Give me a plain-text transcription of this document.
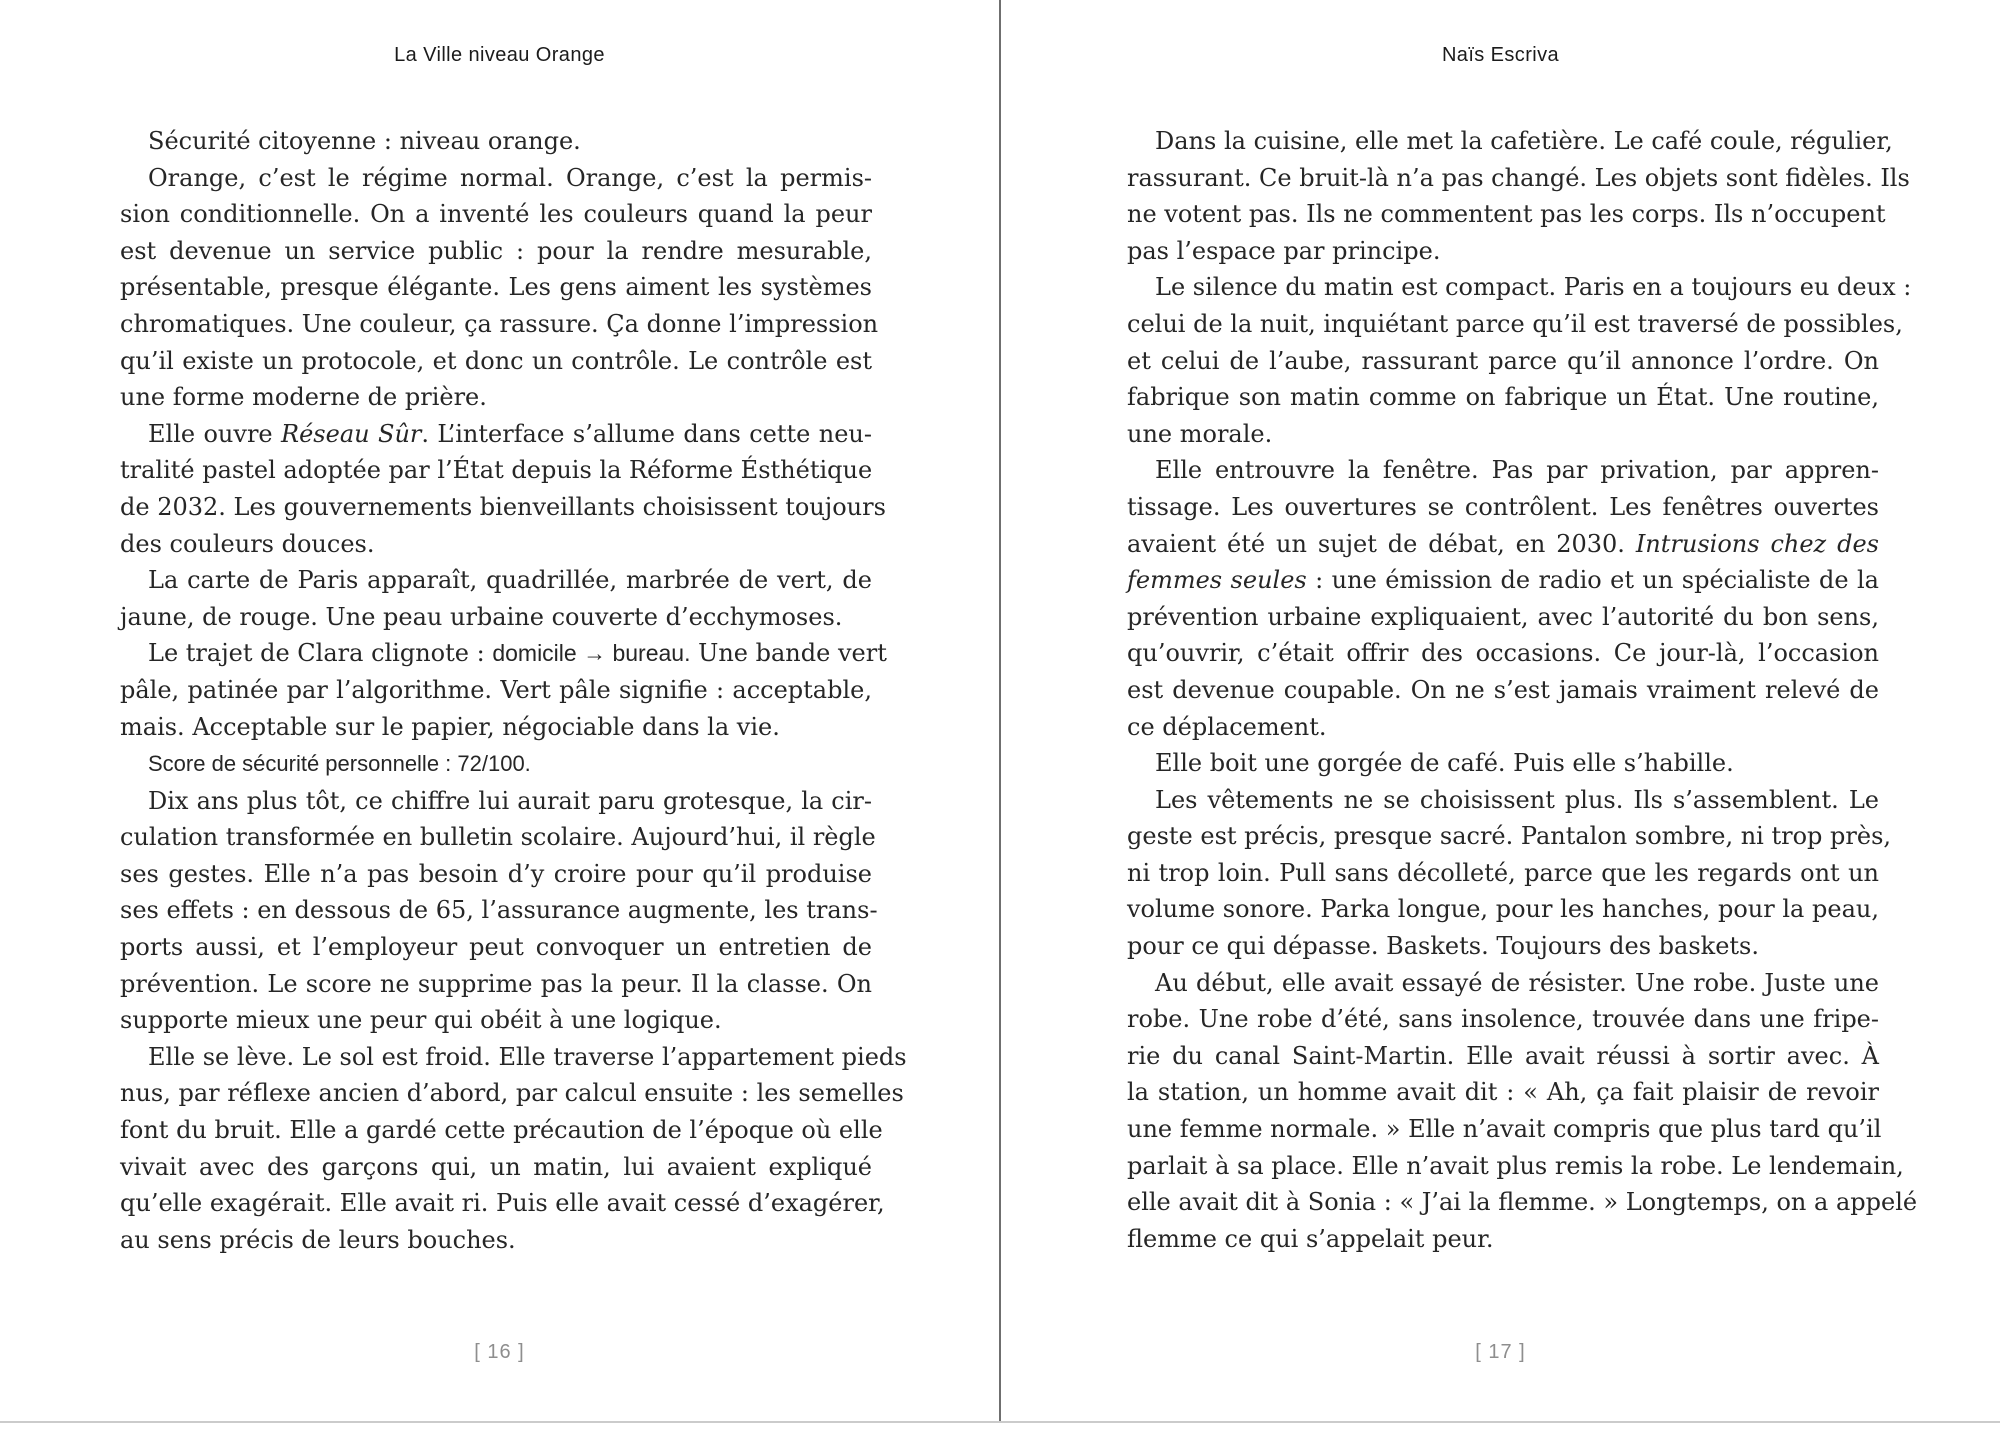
La Ville niveau Orange
Sécurité citoyenne : niveau orange.
Orange, c’est le régime normal. Orange, c’est la permis-
sion conditionnelle. On a inventé les couleurs quand la peur
est devenue un service public : pour la rendre mesurable,
présentable, presque élégante. Les gens aiment les systèmes
chromatiques. Une couleur, ça rassure. Ça donne l’impression
qu’il existe un protocole, et donc un contrôle. Le contrôle est
une forme moderne de prière.
Elle ouvre Réseau Sûr. L’interface s’allume dans cette neu-
tralité pastel adoptée par l’État depuis la Réforme Ésthétique
de 2032. Les gouvernements bienveillants choisissent toujours
des couleurs douces.
La carte de Paris apparaît, quadrillée, marbrée de vert, de
jaune, de rouge. Une peau urbaine couverte d’ecchymoses.
Le trajet de Clara clignote : domicile → bureau. Une bande vert
pâle, patinée par l’algorithme. Vert pâle signifie : acceptable,
mais. Acceptable sur le papier, négociable dans la vie.
Score de sécurité personnelle : 72/100.
Dix ans plus tôt, ce chiffre lui aurait paru grotesque, la cir-
culation transformée en bulletin scolaire. Aujourd’hui, il règle
ses gestes. Elle n’a pas besoin d’y croire pour qu’il produise
ses effets : en dessous de 65, l’assurance augmente, les trans-
ports aussi, et l’employeur peut convoquer un entretien de
prévention. Le score ne supprime pas la peur. Il la classe. On
supporte mieux une peur qui obéit à une logique.
Elle se lève. Le sol est froid. Elle traverse l’appartement pieds
nus, par réflexe ancien d’abord, par calcul ensuite : les semelles
font du bruit. Elle a gardé cette précaution de l’époque où elle
vivait avec des garçons qui, un matin, lui avaient expliqué
qu’elle exagérait. Elle avait ri. Puis elle avait cessé d’exagérer,
au sens précis de leurs bouches.
[ 16 ]
Naïs Escriva
Dans la cuisine, elle met la cafetière. Le café coule, régulier,
rassurant. Ce bruit-là n’a pas changé. Les objets sont fidèles. Ils
ne votent pas. Ils ne commentent pas les corps. Ils n’occupent
pas l’espace par principe.
Le silence du matin est compact. Paris en a toujours eu deux :
celui de la nuit, inquiétant parce qu’il est traversé de possibles,
et celui de l’aube, rassurant parce qu’il annonce l’ordre. On
fabrique son matin comme on fabrique un État. Une routine,
une morale.
Elle entrouvre la fenêtre. Pas par privation, par appren-
tissage. Les ouvertures se contrôlent. Les fenêtres ouvertes
avaient été un sujet de débat, en 2030. Intrusions chez des
femmes seules : une émission de radio et un spécialiste de la
prévention urbaine expliquaient, avec l’autorité du bon sens,
qu’ouvrir, c’était offrir des occasions. Ce jour-là, l’occasion
est devenue coupable. On ne s’est jamais vraiment relevé de
ce déplacement.
Elle boit une gorgée de café. Puis elle s’habille.
Les vêtements ne se choisissent plus. Ils s’assemblent. Le
geste est précis, presque sacré. Pantalon sombre, ni trop près,
ni trop loin. Pull sans décolleté, parce que les regards ont un
volume sonore. Parka longue, pour les hanches, pour la peau,
pour ce qui dépasse. Baskets. Toujours des baskets.
Au début, elle avait essayé de résister. Une robe. Juste une
robe. Une robe d’été, sans insolence, trouvée dans une fripe-
rie du canal Saint-Martin. Elle avait réussi à sortir avec. À
la station, un homme avait dit : « Ah, ça fait plaisir de revoir
une femme normale. » Elle n’avait compris que plus tard qu’il
parlait à sa place. Elle n’avait plus remis la robe. Le lendemain,
elle avait dit à Sonia : « J’ai la flemme. » Longtemps, on a appelé
flemme ce qui s’appelait peur.
[ 17 ]
